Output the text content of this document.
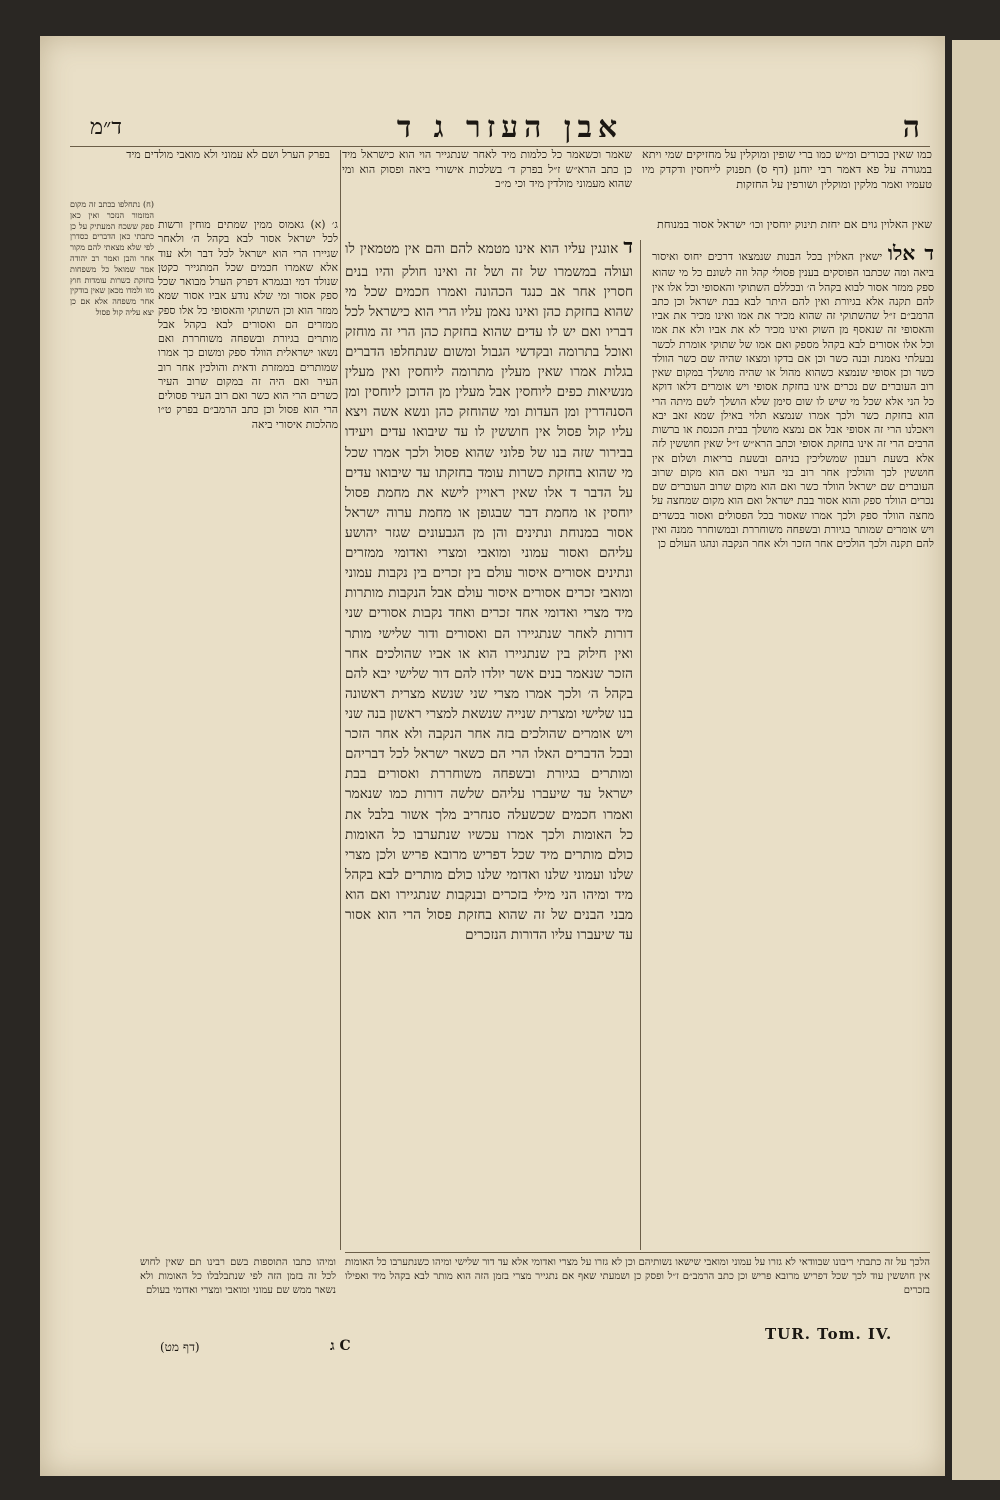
ה
אבן העזר ג ד
ד״מ
כמו שאין בכורים ומ״ש כמו ברי שופין ומוקלין על מחזיקים שמי ויתא במגורה על פא דאמר רבי יוחנן (דף ס) תפנוק לייחסין ודקדק מיו טעמיו ואמר מלקין ומוקלין ושורפין על החזקות
שאין האלוין גוים אם יחזת תינוק יוחסין וכו׳ ישראל אסור במנוחת
שאמר וכשאמר כל כלמות מיד לאחר שנתגייר הוי הוא כישראל מיד כן כתב הרא״ש ז״ל בפרק ד׳ בשלכות אישורי ביאה ופסוק הוא ומי שהוא מעמוני מולדין מיד וכי מ״ב
בפרק הערל ושם לא עמוני ולא מואבי מולדים מיד
ד אלו ישאין האלוין בכל הבנות שנמצאו דרכים יחוס ואיסור ביאה ומה שכתבו הפוסקים בענין פסולי קהל וזה לשונם כל מי שהוא ספק ממזר אסור לבוא בקהל ה׳ ובכללם השתוקי והאסופי וכל אלו אין להם תקנה אלא בגיורת ואין להם היתר לבא בבת ישראל וכן כתב הרמב״ם ז״ל שהשתוקי זה שהוא מכיר את אמו ואינו מכיר את אביו והאסופי זה שנאסף מן השוק ואינו מכיר לא את אביו ולא את אמו וכל אלו אסורים לבא בקהל מספק ואם אמו של שתוקי אומרת לכשר נבעלתי נאמנת ובנה כשר וכן אם בדקו ומצאו שהיה שם כשר הוולד כשר וכן אסופי שנמצא כשהוא מהול או שהיה מושלך במקום שאין רוב העוברים שם נכרים אינו בחזקת אסופי ויש אומרים דלאו דוקא כל הני אלא שכל מי שיש לו שום סימן שלא הושלך לשם מיתה הרי הוא בחזקת כשר ולכך אמרו שנמצא תלוי באילן שמא זאב יבא ויאכלנו הרי זה אסופי אבל אם נמצא מושלך בבית הכנסת או ברשות הרבים הרי זה אינו בחזקת אסופי וכתב הרא״ש ז״ל שאין חוששין לזה אלא בשעת רעבון שמשליכין בניהם ובשעת בריאות ושלום אין חוששין לכך והולכין אחר רוב בני העיר ואם הוא מקום שרוב העוברים שם ישראל הוולד כשר ואם הוא מקום שרוב העוברים שם נכרים הוולד ספק והוא אסור בבת ישראל ואם הוא מקום שמחצה על מחצה הוולד ספק ולכך אמרו שאסור בכל הפסולים ואסור בכשרים ויש אומרים שמותר בגיורת ובשפחה משוחררת ובמשוחרר ממנה ואין להם תקנה ולכך הולכים אחר הזכר ולא אחר הנקבה ונהגו העולם כן
ד אונגין עליו הוא אינו מטמא להם והם אין מטמאין לו ועולה במשמרו של זה ושל זה ואינו חולק והיו בנים חסרין אחר אב כנגד הכהונה ואמרו חכמים שכל מי שהוא בחזקת כהן ואינו נאמן עליו הרי הוא כישראל לכל דבריו ואם יש לו עדים שהוא בחזקת כהן הרי זה מוחזק ואוכל בתרומה ובקדשי הגבול ומשום שנתחלפו הדברים בגלות אמרו שאין מעלין מתרומה ליוחסין ואין מעלין מנשיאות כפים ליוחסין אבל מעלין מן הדוכן ליוחסין ומן הסנהדרין ומן העדות ומי שהוחזק כהן ונשא אשה ויצא עליו קול פסול אין חוששין לו עד שיבואו עדים ויעידו בבירור שזה בנו של פלוני שהוא פסול ולכך אמרו שכל מי שהוא בחזקת כשרות עומד בחזקתו עד שיבואו עדים על הדבר ד אלו שאין ראויין לישא את מחמת פסול יוחסין או מחמת דבר שבגופן או מחמת ערוה ישראל אסור במנוחת ונתינים והן מן הגבעונים שגזר יהושע עליהם ואסור עמוני ומואבי ומצרי ואדומי ממזרים ונתינים אסורים איסור עולם בין זכרים בין נקבות עמוני ומואבי זכרים אסורים איסור עולם אבל הנקבות מותרות מיד מצרי ואדומי אחד זכרים ואחד נקבות אסורים שני דורות לאחר שנתגיירו הם ואסורים ודור שלישי מותר ואין חילוק בין שנתגיירו הוא או אביו שהולכים אחר הזכר שנאמר בנים אשר יולדו להם דור שלישי יבא להם בקהל ה׳ ולכך אמרו מצרי שני שנשא מצרית ראשונה בנו שלישי ומצרית שנייה שנשאת למצרי ראשון בנה שני ויש אומרים שהולכים בזה אחר הנקבה ולא אחר הזכר ובכל הדברים האלו הרי הם כשאר ישראל לכל דבריהם ומותרים בגיורת ובשפחה משוחררת ואסורים בבת ישראל עד שיעברו עליהם שלשה דורות כמו שנאמר ואמרו חכמים שכשעלה סנחריב מלך אשור בלבל את כל האומות ולכך אמרו עכשיו שנתערבו כל האומות כולם מותרים מיד שכל דפריש מרובא פריש ולכן מצרי שלנו ועמוני שלנו ואדומי שלנו כולם מותרים לבא בקהל מיד ומיהו הני מילי בזכרים ובנקבות שנתגיירו ואם הוא מבני הבנים של זה שהוא בחזקת פסול הרי הוא אסור עד שיעברו עליו הדורות הנזכרים
ג׳ (א) גאמוס ממין שמתים מוחין ורשות לכל ישראל אסור לבא בקהל ה׳ ולאחר שגיירו הרי הוא ישראל לכל דבר ולא עוד אלא שאמרו חכמים שכל המתגייר כקטן שנולד דמי ובגמרא דפרק הערל מבואר שכל ספק אסור ומי שלא נודע אביו אסור שמא ממזר הוא וכן השתוקי והאסופי כל אלו ספק ממזרים הם ואסורים לבא בקהל אבל מותרים בגיורת ובשפחה משוחררת ואם נשאו ישראלית הוולד ספק ומשום כך אמרו שמותרים בממזרת ודאית והולכין אחר רוב העיר ואם היה זה במקום שרוב העיר כשרים הרי הוא כשר ואם רוב העיר פסולים הרי הוא פסול וכן כתב הרמב״ם בפרק ט״ו מהלכות איסורי ביאה
(ח) נתחלפו בכתב זה מקום המזמור הנזכר ואין כאן ספק ששכח המעתיק על כן כתבתי כאן הדברים כסדרן לפי שלא מצאתי להם מקור אחר והבן ואמר רב יהודה אמר שמואל כל משפחות בחזקת כשרות עומדות חוץ מזו ולמדו מכאן שאין בודקין אחר משפחה אלא אם כן יצא עליה קול פסול
הלכך על זה כתבתי ריבונו שבוודאי לא גזרו על עמוני ומואבי שישאו נשותיהם וכן לא גזרו על מצרי ואדומי אלא עד דור שלישי ומיהו כשנתערבו כל האומות אין חוששין עוד לכך שכל דפריש מרובא פריש וכן כתב הרמב״ם ז״ל ופסק כן ושמעתי שאף אם נתגייר מצרי בזמן הזה הוא מותר לבא בקהל מיד ואפילו בזכרים
ומיהו כתבו התוספות בשם רבינו תם שאין לחוש לכל זה בזמן הזה לפי שנתבלבלו כל האומות ולא נשאר ממש שם עמוני ומואבי ומצרי ואדומי בעולם
(דף מט)	ג C
TUR. Tom. IV.
